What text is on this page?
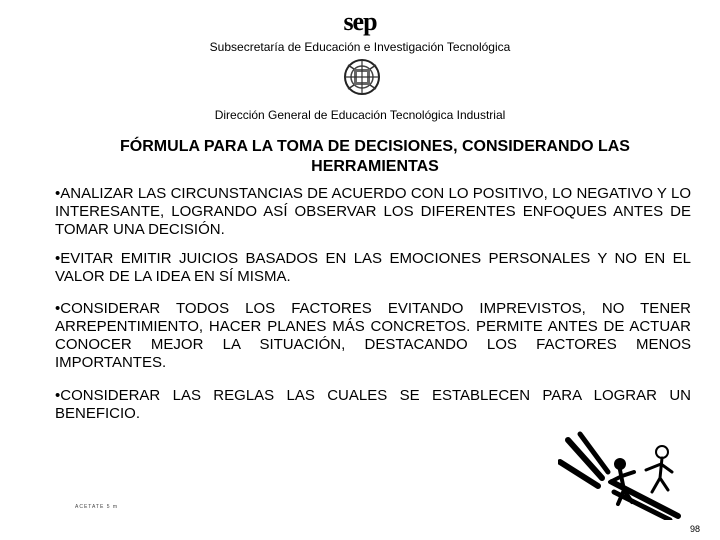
sep
Subsecretaría de Educación e Investigación Tecnológica
Dirección General de Educación Tecnológica Industrial
FÓRMULA PARA LA TOMA DE DECISIONES, CONSIDERANDO LAS HERRAMIENTAS

•ANALIZAR LAS CIRCUNSTANCIAS DE ACUERDO CON LO POSITIVO, LO NEGATIVO Y LO INTERESANTE, LOGRANDO ASÍ OBSERVAR LOS DIFERENTES ENFOQUES ANTES DE TOMAR UNA DECISIÓN.

•EVITAR EMITIR JUICIOS BASADOS EN LAS EMOCIONES PERSONALES Y NO EN EL VALOR DE LA IDEA EN SÍ MISMA.

•CONSIDERAR TODOS LOS FACTORES EVITANDO IMPREVISTOS, NO TENER ARREPENTIMIENTO, HACER PLANES MÁS CONCRETOS. PERMITE ANTES DE ACTUAR CONOCER MEJOR LA SITUACIÓN, DESTACANDO LOS FACTORES MENOS IMPORTANTES.

•CONSIDERAR LAS REGLAS LAS CUALES SE ESTABLECEN PARA LOGRAR UN BENEFICIO.

ACETATE 5 m
98
